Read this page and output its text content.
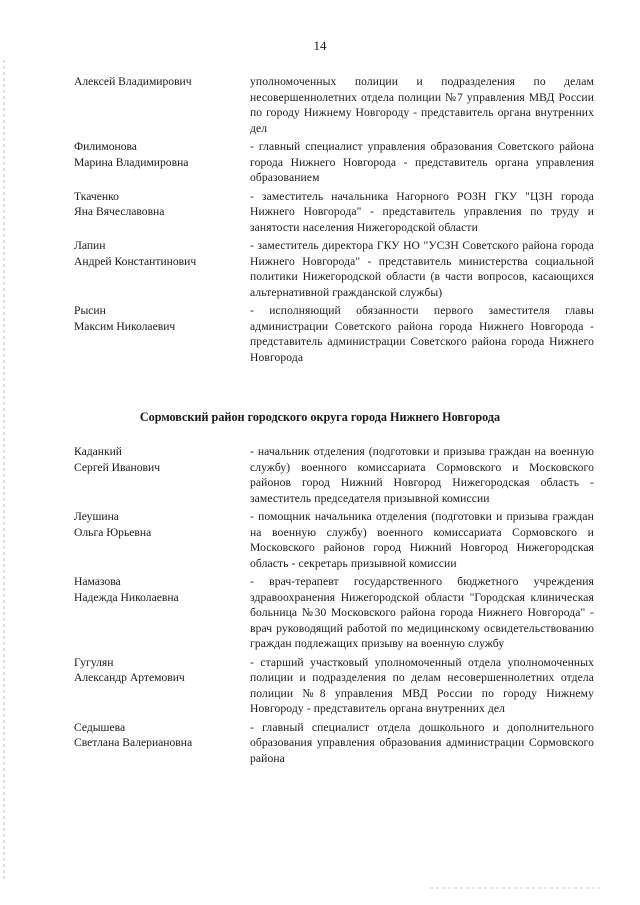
14
Алексей Владимирович	уполномоченных полиции и подразделения по делам несовершеннолетних отдела полиции №7 управления МВД России по городу Нижнему Новгороду - представитель органа внутренних дел
Филимонова
Марина Владимировна
- главный специалист управления образования Советского района города Нижнего Новгорода - представитель органа управления образованием
Ткаченко
Яна Вячеславовна
- заместитель начальника Нагорного РОЗН ГКУ "ЦЗН города Нижнего Новгорода" - представитель управления по труду и занятости населения Нижегородской области
Лапин
Андрей Константинович
- заместитель директора ГКУ НО "УСЗН Советского района города Нижнего Новгорода" - представитель министерства социальной политики Нижегородской области (в части вопросов, касающихся альтернативной гражданской службы)
Рысин
Максим Николаевич
- исполняющий обязанности первого заместителя главы администрации Советского района города Нижнего Новгорода - представитель администрации Советского района города Нижнего Новгорода
Сормовский район городского округа города Нижнего Новгорода
Каданкий
Сергей Иванович
- начальник отделения (подготовки и призыва граждан на военную службу) военного комиссариата Сормовского и Московского районов город Нижний Новгород Нижегородская область - заместитель председателя призывной комиссии
Леушина
Ольга Юрьевна
- помощник начальника отделения (подготовки и призыва граждан на военную службу) военного комиссариата Сормовского и Московского районов город Нижний Новгород Нижегородская область - секретарь призывной комиссии
Намазова
Надежда Николаевна
- врач-терапевт государственного бюджетного учреждения здравоохранения Нижегородской области "Городская клиническая больница №30 Московского района города Нижнего Новгорода" - врач руководящий работой по медицинскому освидетельствованию граждан подлежащих призыву на военную службу
Гугулян
Александр Артемович
- старший участковый уполномоченный отдела уполномоченных полиции и подразделения по делам несовершеннолетних отдела полиции №8 управления МВД России по городу Нижнему Новгороду - представитель органа внутренних дел
Седышева
Светлана Валериановна
- главный специалист отдела дошкольного и дополнительного образования управления образования администрации Сормовского района
